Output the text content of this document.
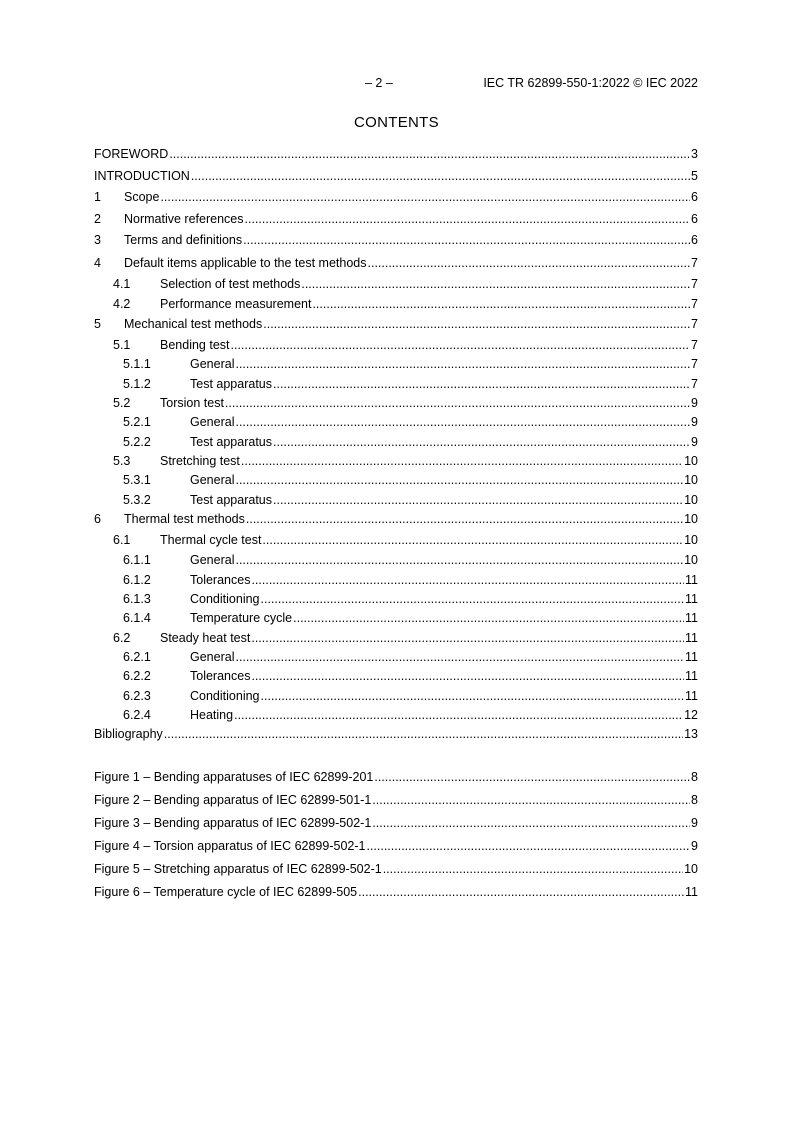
– 2 –	IEC TR 62899-550-1:2022 © IEC 2022
CONTENTS
FOREWORD .....	3
INTRODUCTION .....	5
1 Scope .....	6
2 Normative references .....	6
3 Terms and definitions .....	6
4 Default items applicable to the test methods .....	7
4.1 Selection of test methods .....	7
4.2 Performance measurement .....	7
5 Mechanical test methods .....	7
5.1 Bending test .....	7
5.1.1	General .....	7
5.1.2	Test apparatus .....	7
5.2 Torsion test .....	9
5.2.1	General .....	9
5.2.2	Test apparatus .....	9
5.3 Stretching test .....	10
5.3.1	General .....	10
5.3.2	Test apparatus .....	10
6 Thermal test methods .....	10
6.1 Thermal cycle test .....	10
6.1.1	General .....	10
6.1.2	Tolerances .....	11
6.1.3	Conditioning .....	11
6.1.4	Temperature cycle .....	11
6.2 Steady heat test .....	11
6.2.1	General .....	11
6.2.2	Tolerances .....	11
6.2.3	Conditioning .....	11
6.2.4	Heating .....	12
Bibliography .....	13
Figure 1 – Bending apparatuses of IEC 62899-201 .....	8
Figure 2 – Bending apparatus of IEC 62899-501-1 .....	8
Figure 3 – Bending apparatus of IEC 62899-502-1 .....	9
Figure 4 – Torsion apparatus of IEC 62899-502-1 .....	9
Figure 5 – Stretching apparatus of IEC 62899-502-1 .....	10
Figure 6 – Temperature cycle of IEC 62899-505 .....	11
